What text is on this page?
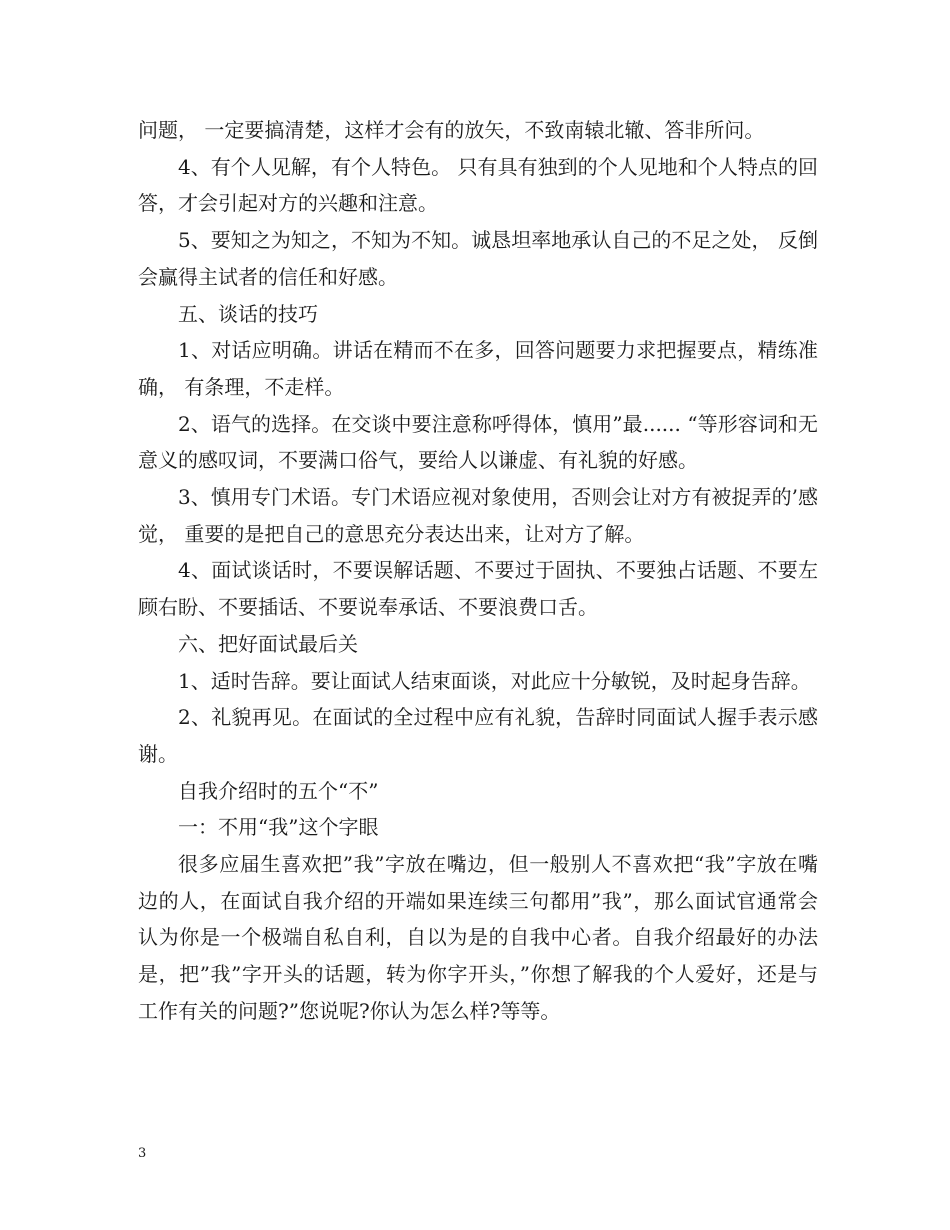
问题， 一定要搞清楚，这样才会有的放矢，不致南辕北辙、答非所问。

4、有个人见解，有个人特色。 只有具有独到的个人见地和个人特点的回答，才会引起对方的兴趣和注意。

5、要知之为知之，不知为不知。诚恳坦率地承认自己的不足之处， 反倒会赢得主试者的信任和好感。

五、谈话的技巧

1、对话应明确。讲话在精而不在多，回答问题要力求把握要点，精练准确， 有条理，不走样。

2、语气的选择。在交谈中要注意称呼得体，慎用”最...... “等形容词和无意义的感叹词，不要满口俗气，要给人以谦虚、有礼貌的好感。

3、慎用专门术语。专门术语应视对象使用，否则会让对方有被捉弄的’感觉， 重要的是把自己的意思充分表达出来，让对方了解。

4、面试谈话时，不要误解话题、不要过于固执、不要独占话题、不要左顾右盼、不要插话、不要说奉承话、不要浪费口舌。

六、把好面试最后关

1、适时告辞。要让面试人结束面谈，对此应十分敏锐，及时起身告辞。

2、礼貌再见。在面试的全过程中应有礼貌，告辞时同面试人握手表示感谢。

自我介绍时的五个“不”

一：不用“我”这个字眼

很多应届生喜欢把”我”字放在嘴边，但一般别人不喜欢把“我”字放在嘴边的人，在面试自我介绍的开端如果连续三句都用”我”，那么面试官通常会认为你是一个极端自私自利，自以为是的自我中心者。自我介绍最好的办法是，把”我”字开头的话题，转为你字开头，”你想了解我的个人爱好，还是与工作有关的问题?”您说呢?你认为怎么样?等等。

3
